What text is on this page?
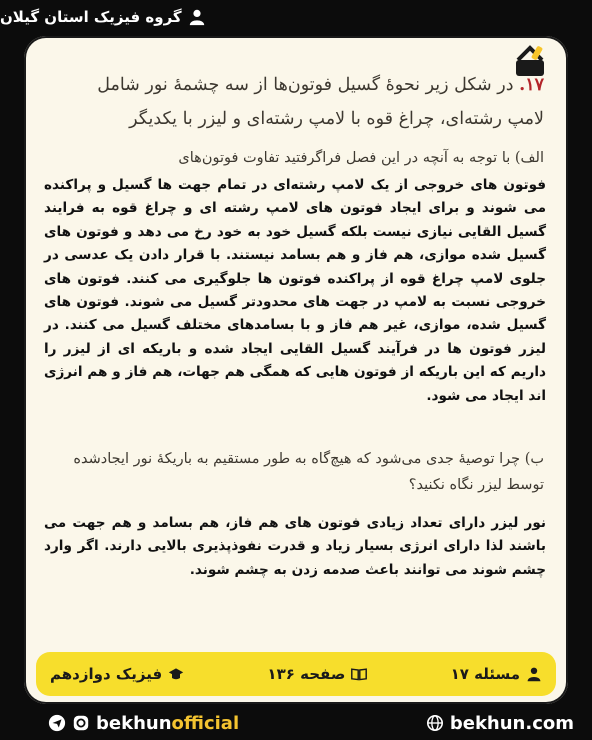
گروه فیزیک استان گیلان
۱۷. در شکل زیر نحوهٔ گسیل فوتون‌ها از سه چشمهٔ نور شامل لامپ رشته‌ای، چراغ قوه با لامپ رشته‌ای و لیزر با یکدیگر
الف) با توجه به آنچه در این فصل فراگرفتید تفاوت فوتون‌های
فوتون های خروجی از یک لامپ رشته‌ای در تمام جهت ها گسیل و پراکنده می شوند و برای ایجاد فوتون های لامپ رشته ای و چراغ قوه به فرایند گسیل القایی نیازی نیست بلکه گسیل خود به خود رخ می دهد و فوتون های گسیل شده موازی، هم فاز و هم بسامد نیستند. با قرار دادن یک عدسی در جلوی لامپ چراغ قوه از پراکنده فوتون ها جلوگیری می کنند. فوتون های خروجی نسبت به لامپ در جهت های محدودتر گسیل می شوند. فوتون های گسیل شده، موازی، غیر هم فاز و با بسامدهای مختلف گسیل می کنند. در لیزر فوتون ها در فرآیند گسیل القایی ایجاد شده و باریکه ای از لیزر را داریم که این باریکه از فوتون هایی که همگی هم جهات، هم فاز و هم انرژی اند ایجاد می شود.
ب) چرا توصیهٔ جدی می‌شود که هیچ‌گاه به طور مستقیم به باریکهٔ نور ایجادشده توسط لیزر نگاه نکنید؟
نور لیزر دارای تعداد زیادی فوتون های هم فاز، هم بسامد و هم جهت می باشند لذا دارای انرژی بسیار زیاد و قدرت نفوذپذیری بالایی دارند. اگر وارد چشم شوند می توانند باعث صدمه زدن به چشم شوند.
مسئله ۱۷
صفحه ۱۳۶
فیزیک دوازدهم
bekhunofficial	bekhun.com
